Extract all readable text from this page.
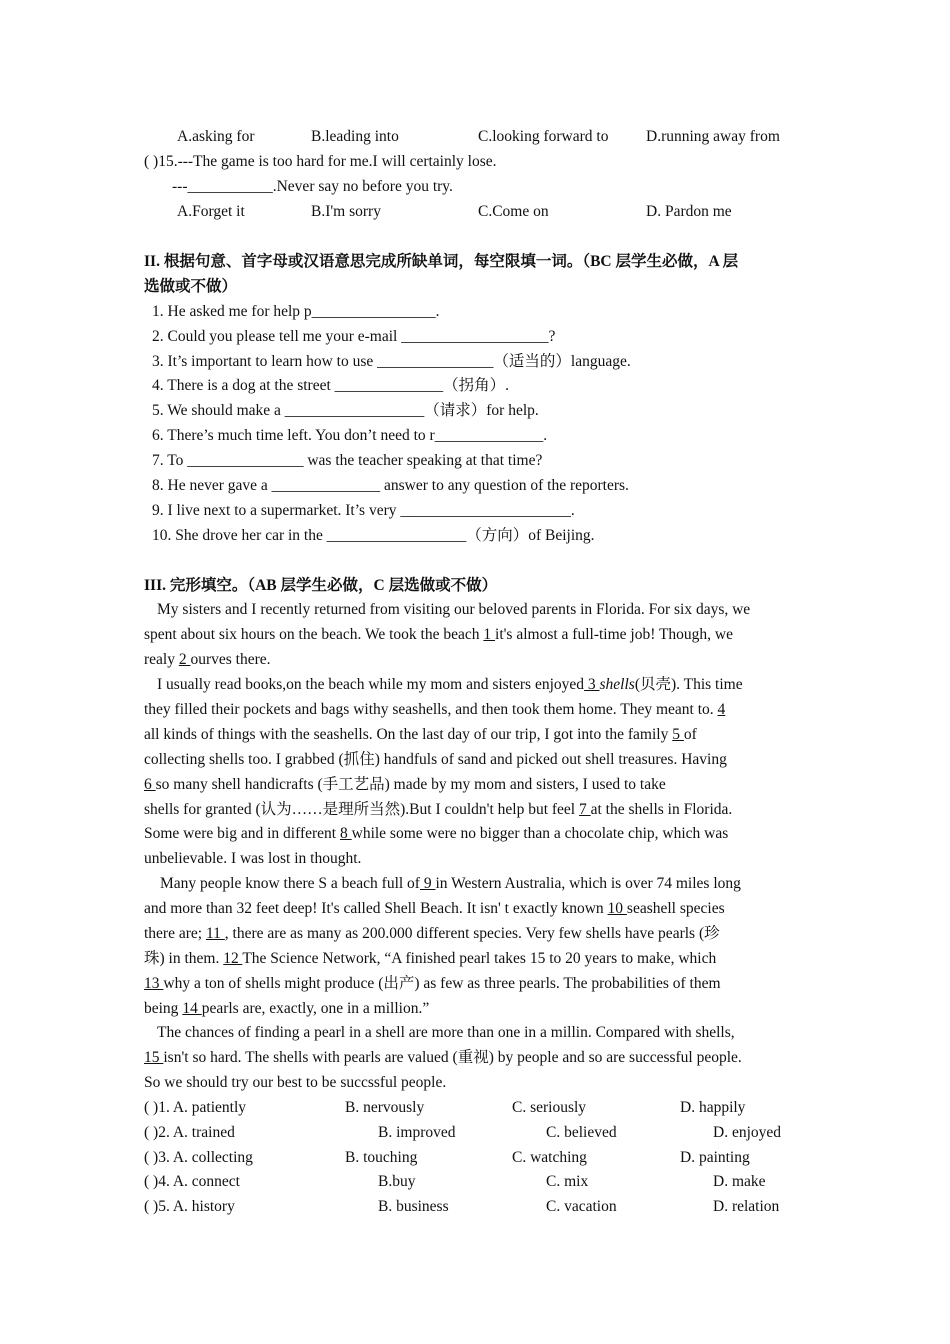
A.asking for	B.leading into	C.looking forward to D.running away from
( )15.---The game is too hard for me.I will certainly lose.
---___________.Never say no before you try.
A.Forget it	B.I'm sorry	C.Come on	D. Pardon me
II. 根据句意、首字母或汉语意思完成所缺单词，每空限填一词。（BC 层学生必做，A 层
选做或不做）
1. He asked me for help p________________.
2. Could you please tell me your e-mail ___________________?
3. It’s important to learn how to use _______________（适当的）language.
4. There is a dog at the street ______________（拐角）.
5. We should make a __________________（请求）for help.
6. There’s much time left. You don’t need to r______________.
7. To _______________ was the teacher speaking at that time?
8. He never gave a ______________ answer to any question of the reporters.
9. I live next to a supermarket. It’s very ______________________.
10. She drove her car in the __________________（方向）of Beijing.
III. 完形填空。（AB 层学生必做，C 层选做或不做）
My sisters and I recently returned from visiting our beloved parents in Florida. For six days, we
spent about six hours on the beach. We took the beach 1 it's almost a full-time job! Though, we
realy 2 ourves there.
I usually read books,on the beach while my mom and sisters enjoyed 3 shells(贝壳). This time
they filled their pockets and bags withy seashells, and then took them home. They meant to. 4
all kinds of things with the seashells. On the last day of our trip, I got into the family 5 of
collecting shells too. I grabbed (抓住) handfuls of sand and picked out shell treasures. Having
6 so many shell handicrafts (手工艺品) made by my mom and sisters, I used to take
shells for granted (认为……是理所当然).But I couldn't help but feel 7 at the shells in Florida.
Some were big and in different 8 while some were no bigger than a chocolate chip, which was
unbelievable. I was lost in thought.
Many people know there S a beach full of 9 in Western Australia, which is over 74 miles long
and more than 32 feet deep! It's called Shell Beach. It isn' t exactly known 10 seashell species
there are; 11 , there are as many as 200.000 different species. Very few shells have pearls (珍
珠) in them. 12 The Science Network, “A finished pearl takes 15 to 20 years to make, which
13 why a ton of shells might produce (出产) as few as three pearls. The probabilities of them
being 14 pearls are, exactly, one in a million.”
The chances of finding a pearl in a shell are more than one in a millin. Compared with shells,
15 isn't so hard. The shells with pearls are valued (重视) by people and so are successful people.
So we should try our best to be succssful people.
( )1. A. patiently	B. nervously	C. seriously	D. happily
( )2. A. trained	B. improved	C. believed	D. enjoyed
( )3. A. collecting	B. touching	C. watching	D. painting
( )4. A. connect	B.buy	C. mix	D. make
( )5. A. history	B. business	C. vacation	D. relation
